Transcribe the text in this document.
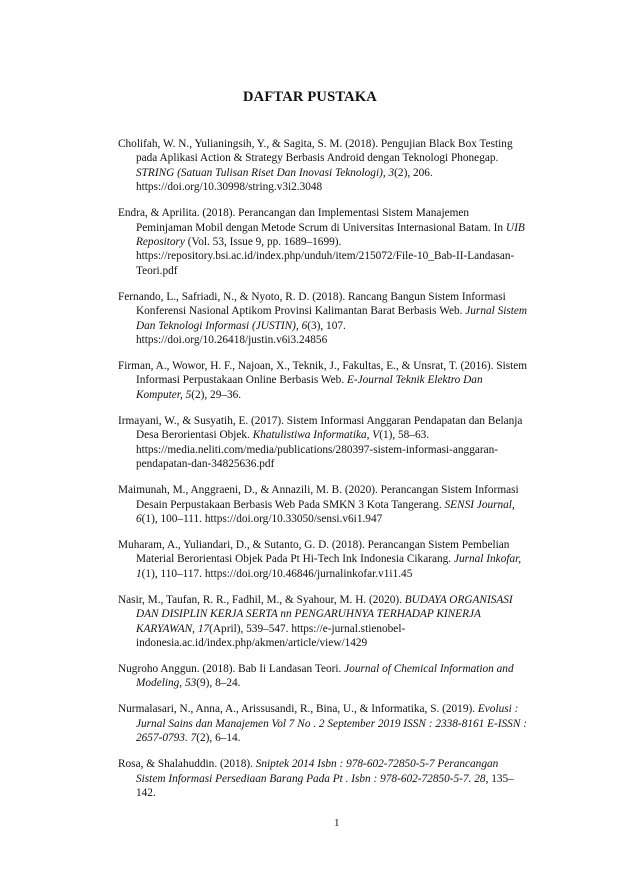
DAFTAR PUSTAKA

Cholifah, W. N., Yulianingsih, Y., & Sagita, S. M. (2018). Pengujian Black Box Testing pada Aplikasi Action & Strategy Berbasis Android dengan Teknologi Phonegap. STRING (Satuan Tulisan Riset Dan Inovasi Teknologi), 3(2), 206. https://doi.org/10.30998/string.v3i2.3048

Endra, & Aprilita. (2018). Perancangan dan Implementasi Sistem Manajemen Peminjaman Mobil dengan Metode Scrum di Universitas Internasional Batam. In UIB Repository (Vol. 53, Issue 9, pp. 1689–1699). https://repository.bsi.ac.id/index.php/unduh/item/215072/File-10_Bab-II-Landasan-Teori.pdf

Fernando, L., Safriadi, N., & Nyoto, R. D. (2018). Rancang Bangun Sistem Informasi Konferensi Nasional Aptikom Provinsi Kalimantan Barat Berbasis Web. Jurnal Sistem Dan Teknologi Informasi (JUSTIN), 6(3), 107. https://doi.org/10.26418/justin.v6i3.24856

Firman, A., Wowor, H. F., Najoan, X., Teknik, J., Fakultas, E., & Unsrat, T. (2016). Sistem Informasi Perpustakaan Online Berbasis Web. E-Journal Teknik Elektro Dan Komputer, 5(2), 29–36.

Irmayani, W., & Susyatih, E. (2017). Sistem Informasi Anggaran Pendapatan dan Belanja Desa Berorientasi Objek. Khatulistiwa Informatika, V(1), 58–63. https://media.neliti.com/media/publications/280397-sistem-informasi-anggaran-pendapatan-dan-34825636.pdf

Maimunah, M., Anggraeni, D., & Annazili, M. B. (2020). Perancangan Sistem Informasi Desain Perpustakaan Berbasis Web Pada SMKN 3 Kota Tangerang. SENSI Journal, 6(1), 100–111. https://doi.org/10.33050/sensi.v6i1.947

Muharam, A., Yuliandari, D., & Sutanto, G. D. (2018). Perancangan Sistem Pembelian Material Berorientasi Objek Pada Pt Hi-Tech Ink Indonesia Cikarang. Jurnal Inkofar, 1(1), 110–117. https://doi.org/10.46846/jurnalinkofar.v1i1.45

Nasir, M., Taufan, R. R., Fadhil, M., & Syahour, M. H. (2020). BUDAYA ORGANISASI DAN DISIPLIN KERJA SERTA nn PENGARUHNYA TERHADAP KINERJA KARYAWAN, 17(April), 539–547. https://e-jurnal.stienobel-indonesia.ac.id/index.php/akmen/article/view/1429

Nugroho Anggun. (2018). Bab Ii Landasan Teori. Journal of Chemical Information and Modeling, 53(9), 8–24.

Nurmalasari, N., Anna, A., Arissusandi, R., Bina, U., & Informatika, S. (2019). Evolusi : Jurnal Sains dan Manajemen Vol 7 No . 2 September 2019 ISSN : 2338-8161 E-ISSN : 2657-0793. 7(2), 6–14.

Rosa, & Shalahuddin. (2018). Sniptek 2014 Isbn : 978-602-72850-5-7 Perancangan Sistem Informasi Persediaan Barang Pada Pt . Isbn : 978-602-72850-5-7. 28, 135–142.

1
